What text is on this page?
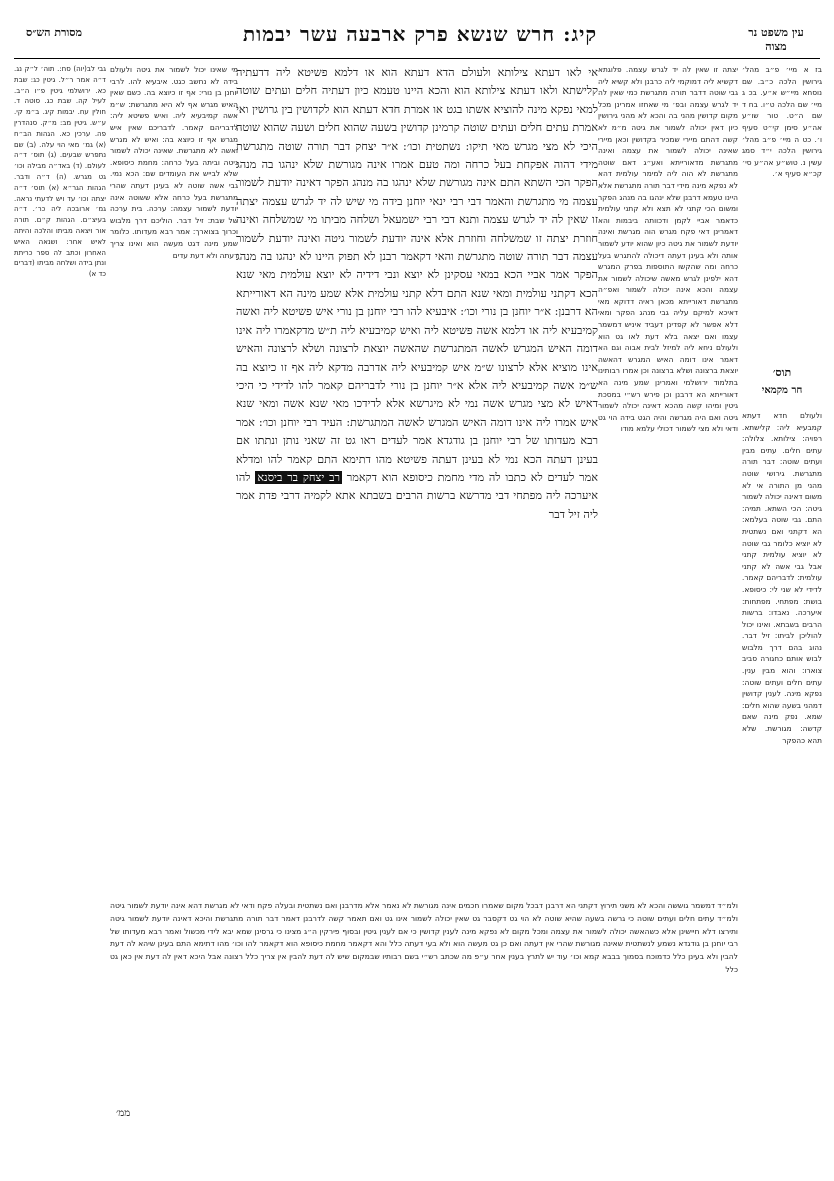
מסורת הש״ס	קיג: חרש שנשא פרק ארבעה עשר יבמות	עין משפט נר מצוה

בז א מיי׳ פ״ב מהל׳ גירושין הלכה כ״ב. שם נוסחא מיי״ש א״ע. בכ ג מיי׳ שם הלכה ט״ו. בח ד שם ה״ט. טור שו״ע אה״ע סימן קי״ט סעיף ו׳. כט ה מיי׳ פ״ב מהל׳ גירושין הלכה י״ד סמג עשין נ. טוש״ע אה״ע סי׳ קכ״א סעיף א׳.

תוס׳
חר מקמאי

ולעולם חדא דעתא קמבעיא ליה: קלישתא. רפויה: צילותא. צלולה: עתים חלים. עתים מבין ועתים שוטה: דבר תורה מתגרשת. גירושי שוטה מהני מן התורה אי לא משום דאינה יכולה לשמור גיטה: הכי השתא. תמיה: התם. גבי שוטה בעלמא: הא דקתני ואם נשתטית לא יוציא כלומר גבי שוטה לא יוציא עולמית קתני אבל גבי אשה לא קתני עולמית: לדבריהם קאמר. לדידי לא שני לי: כיסופא. בושת: מפתחי. מפתחות: איערכה. נאבדו: ברשות הרבים בשבתא. ואינו יכול להוליכן לביתו: זיל דבר. נהוג בהם דרך מלבוש לבוש אותם כחגורה סביב צוארו: והוא מבין ענין. עתים חלים ועתים שוטה: נפקא מינה. לענין קדושין דמהני בשעה שהוא חלים: שמא. נפק מינה שאם קדשה: מגורשת. שלא תהא כהפקר

יצתה זו שאין לה יד לגרש עצמה. פלוגתא דקשיא ליה דמוקמי ליה כרבנן ולא קשיא ליה גבי שוטה דדבר תורה מתגרשת כמי שאין לה יד לגרש עצמה ובפ׳ מי שאחזו אמרינן מכל מקום קדושין מהני בה והכא לא מהני גירושין כיון דאין יכולה לשמור את גיטה מ״מ לא קשה דהתם מיירי שמכיר בקדושין וכאן מיירי שאינה יכולה לשמור את עצמה ואינה מתגרשת מדאורייתא ואע״ג דאם שוטה מתגרשת לא הוה ליה למימר עולמית דהא לא נפקא מינה מידי דבר תורה מתגרשת אלא היינו טעמא דרבנן שלא ינהגו בה מנהג הפקר ומשום הכי קתני לא תצא ולא קתני עולמית כדאמר אביי לקמן ודכוותה ביבמות והא דאמרינן דאי פקח מגרש הוה מגרשת ואינה יודעת לשמור את גיטה כיון שהוא יודע לשמור אותה ולא בעינן דעתה דיכולה להתגרש בעל כרחה ומה שהקשו התוספות בפרק המגרש דהא ילפינן לגרש מאשה שיכולה לשמור את עצמה והכא אינה יכולה לשמור ואפ״ה מתגרשת דאורייתא מכאן ראיה דדוקא מאי דאיכא למיקם עליה גבי מנהג הפקר ומאי דלא אפשר לא קפדינן דעביד איניש דמשמר עצמו ואם יצאה בלא דעת לאו גט הוא ולעולם ניחא ליה למיזל לבית אבוה וגם הא דאמר אינו דומה האיש המגרש דהאשה יוצאת ברצונה ושלא ברצונה וכן אמרו רבותינו בתלמוד ירושלמי ואמרינן שמע מינה הא דאורייתא הא דרבנן וכן פירש רש״י במסכת גיטין ומיהו קשה מהכא דאינה יכולה לשמור גיטה ואם היה מגרשה והיה הגט בידה הוי גט ודאי ולא מצי לשמור דכולי עלמא מודו

אי לאו דעתא צילותא ולעולם הדא דעתא הוא או דלמא פשיטא ליה דדעתיה קלישתא ולאו דעתא צילותא הוא והכא היינו טעמא כיון דעתיה חלים ועתים שוטה למאי נפקא מינה להוציא אשתו בגט או אמרת חדא דעתא הוא לקדושין בין גרושין ואי אמרת עתים חלים ועתים שוטה קרמינן קדושין בשעה שהוא חלים ושעה שהוא שוטה היכי לא מצי מגרש מאי תיקו: נשתטית וכו׳: א״ר יצחק דבר תורה שוטה מתגרשת מידי דהוה אפקחת בעל כרחה ומה טעם אמרו אינה מגורשת שלא ינהגו בה מנהג הפקר הכי השתא התם אינה מגורשת שלא ינהגו בה מנהג הפקר דאינה יודעת לשמור עצמה מי מתגרשת והאמר דבי רבי ינאי יוחנן בידה מי שיש לה יד לגרש עצמה יצתה זו שאין לה יד לגרש עצמה ותנא דבי רבי ישמעאל ושלחה מביתו מי שמשלחה ואינה חוזרת יצתה זו שמשלחה וחוזרת אלא אינה יודעת לשמור גיטה ואינה יודעת לשמור עצמה דבר תורה שוטה מתגרשת והאי דקאמר רבנן לא תפוק היינו לא ינהגו בה מנהג הפקר אמר אביי הכא במאי עסקינן לא יוצא ונבי דידיה לא יוצא עולמית מאי שנא הכא דקתני עולמית ומאי שנא התם דלא קתני עולמית אלא שמע מינה הא דאורייתא הא דרבנן: א״ר יוחנן בן נורי וכו׳: איבעיא להו רבי יוחנן בן נורי איש פשיטא ליה ואשה קמיבעיא ליה או דלמא אשה פשיטא ליה ואיש קמיבעיא ליה ת״ש מדקאמרו ליה אינו דומה האיש המגרש לאשה המתגרשת שהאשה יוצאת לרצונה ושלא לרצונה והאיש אינו מוציא אלא לרצונו ש״מ איש קמיבעיא ליה אדרבה מדקא ליה אף זו כיוצא בה ש״מ אשה קמיבעיא ליה אלא א״ר יוחנן בן נורי לדבריהם קאמר להו לדידי כי היכי דאיש לא מצי מגרש אשה נמי לא מיגרשא אלא לדידכו מאי שנא אשה ומאי שנא איש אמרו ליה אינו דומה האיש המגרש לאשה המתגרשת: העיד רבי יוחנן וכו׳: אמר רבא מעדותו של רבי יוחנן בן גודגדא אמר לעדים ראו גט זה שאני נותן ונתתו אם בעינן דעתה הכא נמי לא בעינן דעתה פשיטא מהו דתימא התם קאמר להו ומדלא אמר לעדים לא כתבו לה מדי מחמת כיסופא הוא דקאמר רב יצחק בר ביסנא להו איערכה ליה מפתחי דבי מדרשא ברשות הרבים בשבתא אתא לקמיה דרבי פדת אמר ליה זיל דבר

מי שאינו יכול לשמור את גיטה ולעולם בידה לא נחשב כגט. איבעיא להו. לרבי יוחנן בן נורי: אף זו כיוצא בה. כשם שאין האיש מגרש אף לא היא מתגרשת: ש״מ אשה קמיבעיא ליה. ואיש פשיטא ליה: לדבריהם קאמר. לדבריכם שאין איש מגרש אף זו כיוצא בה: ואיש לא מגרש ואשה לא מתגרשת. שאינה יכולה לשמור גיטה וביתה בעל כרחה: מחמת כיסופא. שלא לבייש את העומדים שם: הכא נמי. גבי אשה שוטה לא בעינן דעתה שהרי מתגרשת בעל כרחה אלא ששוטה אינה יודעת לשמור עצמה: ערכה. בית ערכה של שבת: זיל דבר. הוליכם דרך מלבוש וכרוך בצוארך: אמר רבא מעדותו. כלומר שמע מינה דגט מעשה הוא ואינו צריך דעתה ולא דעת עדים

גבי לב(יוה) סח:. תוה׳ ל״ק נג. ד״ה אמר ר״ל. גיטין כג: שבת כא. ירושלמי גיטין פ״ו ה״ב. לעיל קה. שבת כג. סוטה ד. חולין עח. יבמות קיג. ב״מ קי. ע״ש. גיטין מב: מ״ק. סנהדרין פה. ערכין כא. הגהות הב״ח (א) גמ׳ מאי הוי עלה. (ב) שם נתפרש שבעים. (ג) תוס׳ ד״ה לעולם. (ד) באד״ה מבילה וכו׳ גט מגרש. (ה) ד״ה ודבר. הגהות הגר״א (א) תוס׳ ד״ה יצתה וכו׳ עד ויש לדעתי נראה. גמ׳ ארובכה ליה כר׳. ד״ה בעיצ״ם. הגהות ק״ם. תורה אור ויצאה מביתו והלכה והיתה לאיש אחר: ושנאה האיש האחרון וכתב לה ספר כריתת ונתן בידה ושלחה מביתו (דברים כד א)

ולמ״ד דמשמר גוששה והכא לא משני תירוץ דקתני הא דרבנן דבכל מקום שאמרו חכמים אינה מגורשת לא נאמר אלא מדרבנן ואם נשתטית ובעלה פקח ודאי לא מגרשת דהא אינה יודעת לשמור גיטה ולמ״ד עתים חלים ועתים שוטה כי גרשה בשעה שהיא שוטה לא הוי גט דקסבר גט שאין יכולה לשמור אינו גט ואם תאמר קשה לדרבנן דאמר דבר תורה מתגרשת והיכא דאינה יודעת לשמור גיטה ותירצו דלא חיישינן אלא כשהאשה יכולה לשמור את עצמה ומכל מקום לא נפקא מינה לענין קדושין כי אם לענין גיטין ובסוף פירקין ה״ג מצינו כי גרסינן שמא יבא לידי מכשול ואמר רבא מעדותו של רבי יוחנן בן גודגדא נשמע לנשתטית שאינה מגורשת שהרי אין דעתה ואם כן גט מעשה הוא ולא בעי דעתה כלל והא דקאמר מחמת כיסופא הוא דקאמר להו וכו׳ מהו דתימא התם בעינן שיהא לה דעת להבין ולא בעינן כלל כדמוכח בסמוך בבבא קמא וכו׳ עוד יש לתרץ בענין אחר ע״פ מה שכתב רש״י בשם רבותיו שבמקום שיש לה דעת להבין אין צריך כלל רצונה אבל היכא דאין לה דעת אין כאן גט כלל

ממ׳
